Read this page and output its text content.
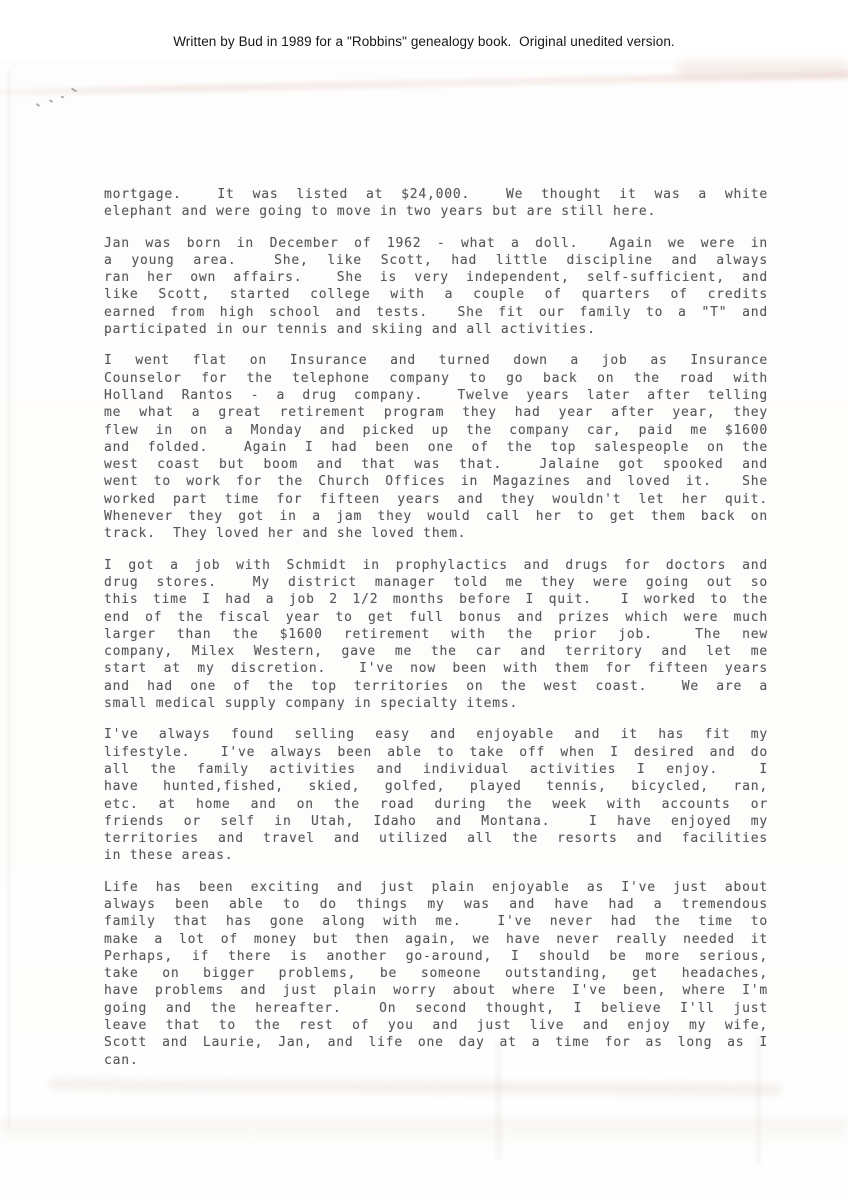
Written by Bud in 1989 for a "Robbins" genealogy book.  Original unedited version.
mortgage.  It was listed at $24,000.  We thought it was a white
elephant and were going to move in two years but are still here.
Jan was born in December of 1962 - what a doll.  Again we were in
a young area.  She, like Scott, had little discipline and always
ran her own affairs.  She is very independent, self-sufficient, and
like Scott, started college with a couple of quarters of credits
earned from high school and tests.  She fit our family to a "T" and
participated in our tennis and skiing and all activities.
I went flat on Insurance and turned down a job as Insurance
Counselor for the telephone company to go back on the road with
Holland Rantos - a drug company.  Twelve years later after telling
me what a great retirement program they had year after year, they
flew in on a Monday and picked up the company car, paid me $1600
and folded.  Again I had been one of the top salespeople on the
west coast but boom and that was that.  Jalaine got spooked and
went to work for the Church Offices in Magazines and loved it.  She
worked part time for fifteen years and they wouldn't let her quit.
Whenever they got in a jam they would call her to get them back on
track.  They loved her and she loved them.
I got a job with Schmidt in prophylactics and drugs for doctors and
drug stores.  My district manager told me they were going out so
this time I had a job 2 1/2 months before I quit.  I worked to the
end of the fiscal year to get full bonus and prizes which were much
larger than the $1600 retirement with the prior job.  The new
company, Milex Western, gave me the car and territory and let me
start at my discretion.  I've now been with them for fifteen years
and had one of the top territories on the west coast.  We are a
small medical supply company in specialty items.
I've always found selling easy and enjoyable and it has fit my
lifestyle.  I've always been able to take off when I desired and do
all the family activities and individual activities I enjoy.  I
have hunted,fished, skied, golfed, played tennis, bicycled, ran,
etc. at home and on the road during the week with accounts or
friends or self in Utah, Idaho and Montana.  I have enjoyed my
territories and travel and utilized all the resorts and facilities
in these areas.
Life has been exciting and just plain enjoyable as I've just about
always been able to do things my was and have had a tremendous
family that has gone along with me.  I've never had the time to
make a lot of money but then again, we have never really needed it
Perhaps, if there is another go-around, I should be more serious,
take on bigger problems, be someone outstanding, get headaches,
have problems and just plain worry about where I've been, where I'm
going and the hereafter.  On second thought, I believe I'll just
leave that to the rest of you and just live and enjoy my wife,
Scott and Laurie, Jan, and life one day at a time for as long as I
can.
